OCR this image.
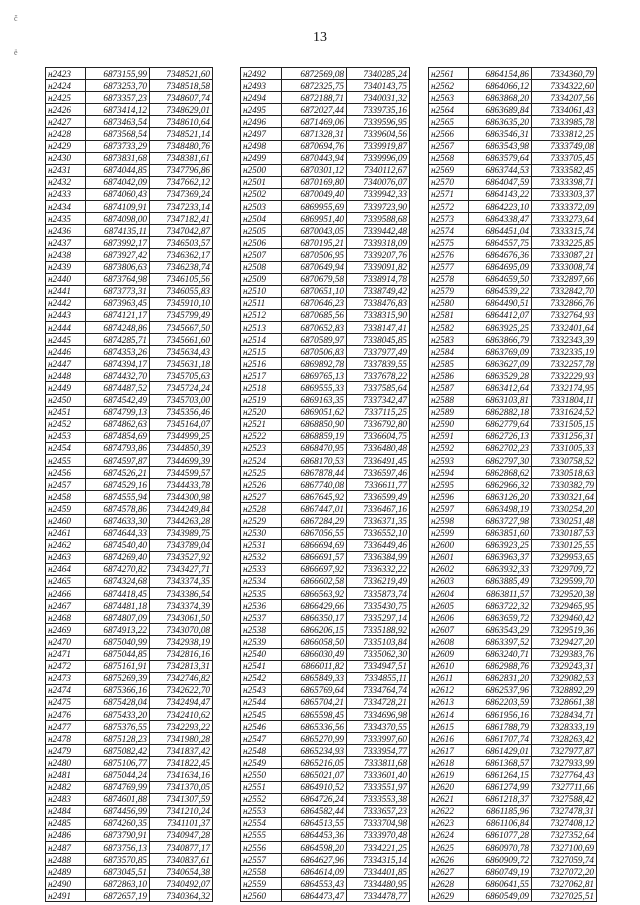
č
ё
13
н2423	6873155,99	7348521,60
н2424	6873253,70	7348518,58
н2425	6873357,23	7348607,74
н2426	6873414,12	7348629,01
н2427	6873463,54	7348610,64
н2428	6873568,54	7348521,14
н2429	6873733,29	7348480,76
н2430	6873831,68	7348381,61
н2431	6874044,85	7347796,86
н2432	6874042,09	7347662,12
н2433	6874060,43	7347369,24
н2434	6874109,91	7347233,14
н2435	6874098,00	7347182,41
н2436	6874135,11	7347042,87
н2437	6873992,17	7346503,57
н2438	6873927,42	7346362,17
н2439	6873806,63	7346238,74
н2440	6873764,98	7346105,56
н2441	6873773,31	7346055,83
н2442	6873963,45	7345910,10
н2443	6874121,17	7345799,49
н2444	6874248,86	7345667,50
н2445	6874285,71	7345661,60
н2446	6874353,26	7345634,43
н2447	6874394,17	7345631,18
н2448	6874432,70	7345705,63
н2449	6874487,52	7345724,24
н2450	6874542,49	7345703,00
н2451	6874799,13	7345356,46
н2452	6874862,63	7345164,07
н2453	6874854,69	7344999,25
н2454	6874793,86	7344850,39
н2455	6874597,87	7344699,39
н2456	6874526,21	7344599,57
н2457	6874529,16	7344433,78
н2458	6874555,94	7344300,98
н2459	6874578,86	7344249,84
н2460	6874633,30	7344263,28
н2461	6874644,33	7343989,75
н2462	6874540,40	7343789,04
н2463	6874269,40	7343527,92
н2464	6874270,82	7343427,71
н2465	6874324,68	7343374,35
н2466	6874418,45	7343386,54
н2467	6874481,18	7343374,39
н2468	6874807,09	7343061,50
н2469	6874913,22	7343070,08
н2470	6875040,99	7342938,19
н2471	6875044,85	7342816,16
н2472	6875161,91	7342813,31
н2473	6875269,39	7342746,82
н2474	6875366,16	7342622,70
н2475	6875428,04	7342494,47
н2476	6875433,20	7342410,62
н2477	6875376,55	7342293,22
н2478	6875128,23	7341980,28
н2479	6875082,42	7341837,42
н2480	6875106,77	7341822,45
н2481	6875044,24	7341634,16
н2482	6874769,99	7341370,05
н2483	6874601,88	7341307,59
н2484	6874456,99	7341210,24
н2485	6874260,35	7341101,37
н2486	6873790,91	7340947,28
н2487	6873756,13	7340877,17
н2488	6873570,85	7340837,61
н2489	6873045,51	7340654,38
н2490	6872863,10	7340492,07
н2491	6872657,19	7340364,32
н2492	6872569,08	7340285,24
н2493	6872325,75	7340143,75
н2494	6872188,71	7340031,32
н2495	6872027,44	7339735,16
н2496	6871469,06	7339596,95
н2497	6871328,31	7339604,56
н2498	6870694,76	7339919,87
н2499	6870443,94	7339996,09
н2500	6870301,12	7340112,67
н2501	6870169,80	7340076,07
н2502	6870049,40	7339942,33
н2503	6869955,69	7339723,90
н2504	6869951,40	7339588,68
н2505	6870043,05	7339442,48
н2506	6870195,21	7339318,09
н2507	6870506,95	7339207,76
н2508	6870649,94	7339091,82
н2509	6870679,58	7338914,78
н2510	6870651,10	7338749,42
н2511	6870646,23	7338476,83
н2512	6870685,56	7338315,90
н2513	6870652,83	7338147,41
н2514	6870589,97	7338045,85
н2515	6870506,83	7337977,49
н2516	6869892,78	7337839,55
н2517	6869765,13	7337678,22
н2518	6869555,33	7337585,64
н2519	6869163,35	7337342,47
н2520	6869051,62	7337115,25
н2521	6868850,90	7336792,80
н2522	6868859,19	7336604,75
н2523	6868470,95	7336480,48
н2524	6868170,53	7336491,45
н2525	6867878,44	7336597,46
н2526	6867740,08	7336611,77
н2527	6867645,92	7336599,49
н2528	6867447,01	7336467,16
н2529	6867284,29	7336371,35
н2530	6867056,55	7336552,10
н2531	6866694,69	7336449,46
н2532	6866691,57	7336384,99
н2533	6866697,92	7336332,22
н2534	6866602,58	7336219,49
н2535	6866563,92	7335873,74
н2536	6866429,66	7335430,75
н2537	6866350,17	7335297,14
н2538	6866206,15	7335188,92
н2539	6866058,50	7335103,84
н2540	6866030,49	7335062,30
н2541	6866011,82	7334947,51
н2542	6865849,33	7334855,11
н2543	6865769,64	7334764,74
н2544	6865704,21	7334728,21
н2545	6865598,45	7334696,98
н2546	6865336,56	7334370,55
н2547	6865270,99	7333997,60
н2548	6865234,93	7333954,77
н2549	6865216,05	7333811,68
н2550	6865021,07	7333601,40
н2551	6864910,52	7333551,97
н2552	6864726,24	7333553,38
н2553	6864582,44	7333657,23
н2554	6864513,55	7333704,98
н2555	6864453,36	7333970,48
н2556	6864598,20	7334221,25
н2557	6864627,96	7334315,14
н2558	6864614,09	7334401,85
н2559	6864553,43	7334480,95
н2560	6864473,47	7334478,77
н2561	6864154,86	7334360,79
н2562	6864066,12	7334322,60
н2563	6863868,20	7334207,56
н2564	6863689,84	7334061,43
н2565	6863635,20	7333985,78
н2566	6863546,31	7333812,25
н2567	6863543,98	7333749,08
н2568	6863579,64	7333705,45
н2569	6863744,53	7333582,45
н2570	6864047,59	7333398,71
н2571	6864143,22	7333303,37
н2572	6864223,10	7333372,09
н2573	6864338,47	7333273,64
н2574	6864451,04	7333315,74
н2575	6864557,75	7333225,85
н2576	6864676,36	7333087,21
н2577	6864695,09	7333008,74
н2578	6864659,50	7332897,66
н2579	6864539,22	7332842,70
н2580	6864490,51	7332866,76
н2581	6864412,07	7332764,93
н2582	6863925,25	7332401,64
н2583	6863866,79	7332343,39
н2584	6863769,09	7332335,19
н2585	6863627,09	7332257,78
н2586	6863529,28	7332229,93
н2587	6863412,64	7332174,95
н2588	6863103,81	7331804,11
н2589	6862882,18	7331624,52
н2590	6862779,64	7331505,15
н2591	6862726,13	7331256,31
н2592	6862702,23	7331005,33
н2593	6862797,30	7330758,52
н2594	6862868,62	7330518,63
н2595	6862966,32	7330382,79
н2596	6863126,20	7330321,64
н2597	6863498,19	7330254,20
н2598	6863727,98	7330251,48
н2599	6863851,60	7330187,53
н2600	6863923,25	7330125,55
н2601	6863963,37	7329953,65
н2602	6863932,33	7329709,72
н2603	6863885,49	7329599,70
н2604	6863811,57	7329520,38
н2605	6863722,32	7329465,95
н2606	6863659,72	7329460,42
н2607	6863543,29	7329519,36
н2608	6863397,52	7329427,20
н2609	6863240,71	7329383,76
н2610	6862988,76	7329243,31
н2611	6862831,20	7329082,53
н2612	6862537,96	7328892,29
н2613	6862203,59	7328661,38
н2614	6861956,16	7328434,71
н2615	6861788,79	7328333,19
н2616	6861707,74	7328263,42
н2617	6861429,01	7327977,87
н2618	6861368,57	7327933,99
н2619	6861264,15	7327764,43
н2620	6861274,99	7327711,66
н2621	6861218,37	7327588,42
н2622	6861185,96	7327478,31
н2623	6861106,84	7327408,12
н2624	6861077,28	7327352,64
н2625	6860970,78	7327100,69
н2626	6860909,72	7327059,74
н2627	6860749,19	7327072,20
н2628	6860641,55	7327062,81
н2629	6860549,09	7327025,51
